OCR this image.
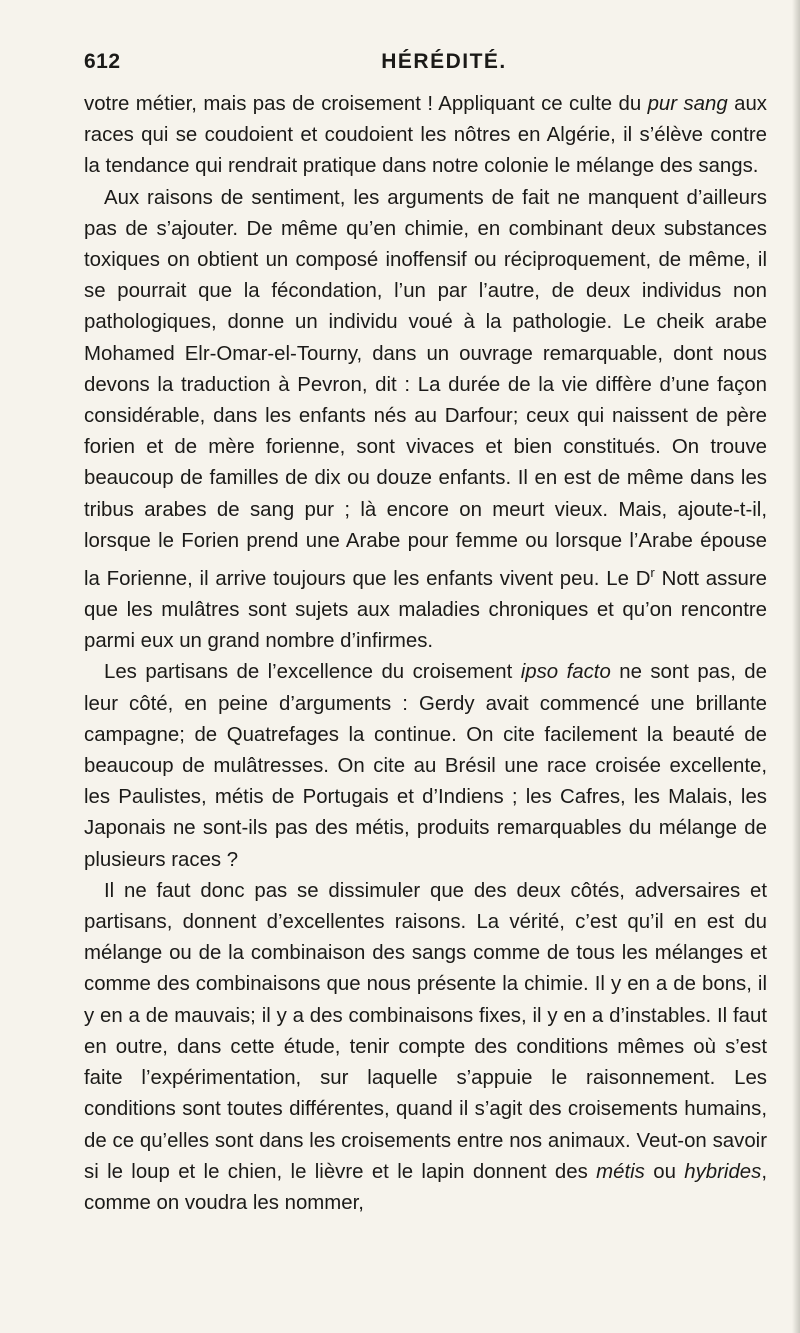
612	HÉRÉDITÉ.

votre métier, mais pas de croisement ! Appliquant ce culte du pur sang aux races qui se coudoient et coudoient les nôtres en Algérie, il s’élève contre la tendance qui rendrait pratique dans notre colonie le mélange des sangs.

Aux raisons de sentiment, les arguments de fait ne manquent d’ailleurs pas de s’ajouter. De même qu’en chimie, en combinant deux substances toxiques on obtient un composé inoffensif ou réciproquement, de même, il se pourrait que la fécondation, l’un par l’autre, de deux individus non pathologiques, donne un individu voué à la pathologie. Le cheik arabe Mohamed Elr-Omar-el-Tourny, dans un ouvrage remarquable, dont nous devons la traduction à Pevron, dit : La durée de la vie diffère d’une façon considérable, dans les enfants nés au Darfour; ceux qui naissent de père forien et de mère forienne, sont vivaces et bien constitués. On trouve beaucoup de familles de dix ou douze enfants. Il en est de même dans les tribus arabes de sang pur ; là encore on meurt vieux. Mais, ajoute-t-il, lorsque le Forien prend une Arabe pour femme ou lorsque l’Arabe épouse la Forienne, il arrive toujours que les enfants vivent peu. Le $D^r$ Nott assure que les mulâtres sont sujets aux maladies chroniques et qu’on rencontre parmi eux un grand nombre d’infirmes.

Les partisans de l’excellence du croisement ipso facto ne sont pas, de leur côté, en peine d’arguments : Gerdy avait commencé une brillante campagne; de Quatrefages la continue. On cite facilement la beauté de beaucoup de mulâtresses. On cite au Brésil une race croisée excellente, les Paulistes, métis de Portugais et d’Indiens ; les Cafres, les Malais, les Japonais ne sont-ils pas des métis, produits remarquables du mélange de plusieurs races ?

Il ne faut donc pas se dissimuler que des deux côtés, adversaires et partisans, donnent d’excellentes raisons. La vérité, c’est qu’il en est du mélange ou de la combinaison des sangs comme de tous les mélanges et comme des combinaisons que nous présente la chimie. Il y en a de bons, il y en a de mauvais; il y a des combinaisons fixes, il y en a d’instables. Il faut en outre, dans cette étude, tenir compte des conditions mêmes où s’est faite l’expérimentation, sur laquelle s’appuie le raisonnement. Les conditions sont toutes différentes, quand il s’agit des croisements humains, de ce qu’elles sont dans les croisements entre nos animaux. Veut-on savoir si le loup et le chien, le lièvre et le lapin donnent des métis ou hybrides, comme on voudra les nommer,
